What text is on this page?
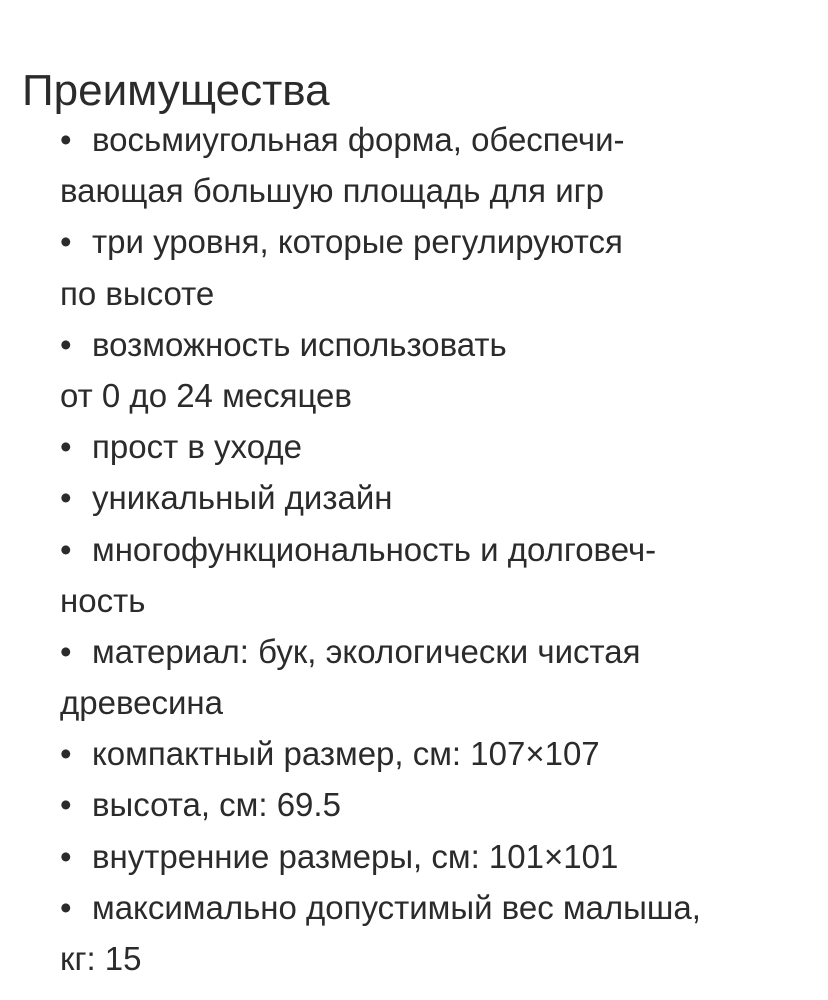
Преимущества
• восьмиугольная форма, обеспечи-
вающая большую площадь для игр
• три уровня, которые регулируются
по высоте
• возможность использовать
от 0 до 24 месяцев
• прост в уходе
• уникальный дизайн
• многофункциональность и долговеч-
ность
• материал: бук, экологически чистая
древесина
• компактный размер, см: 107×107
• высота, см: 69.5
• внутренние размеры, см: 101×101
• максимально допустимый вес малыша,
кг: 15
